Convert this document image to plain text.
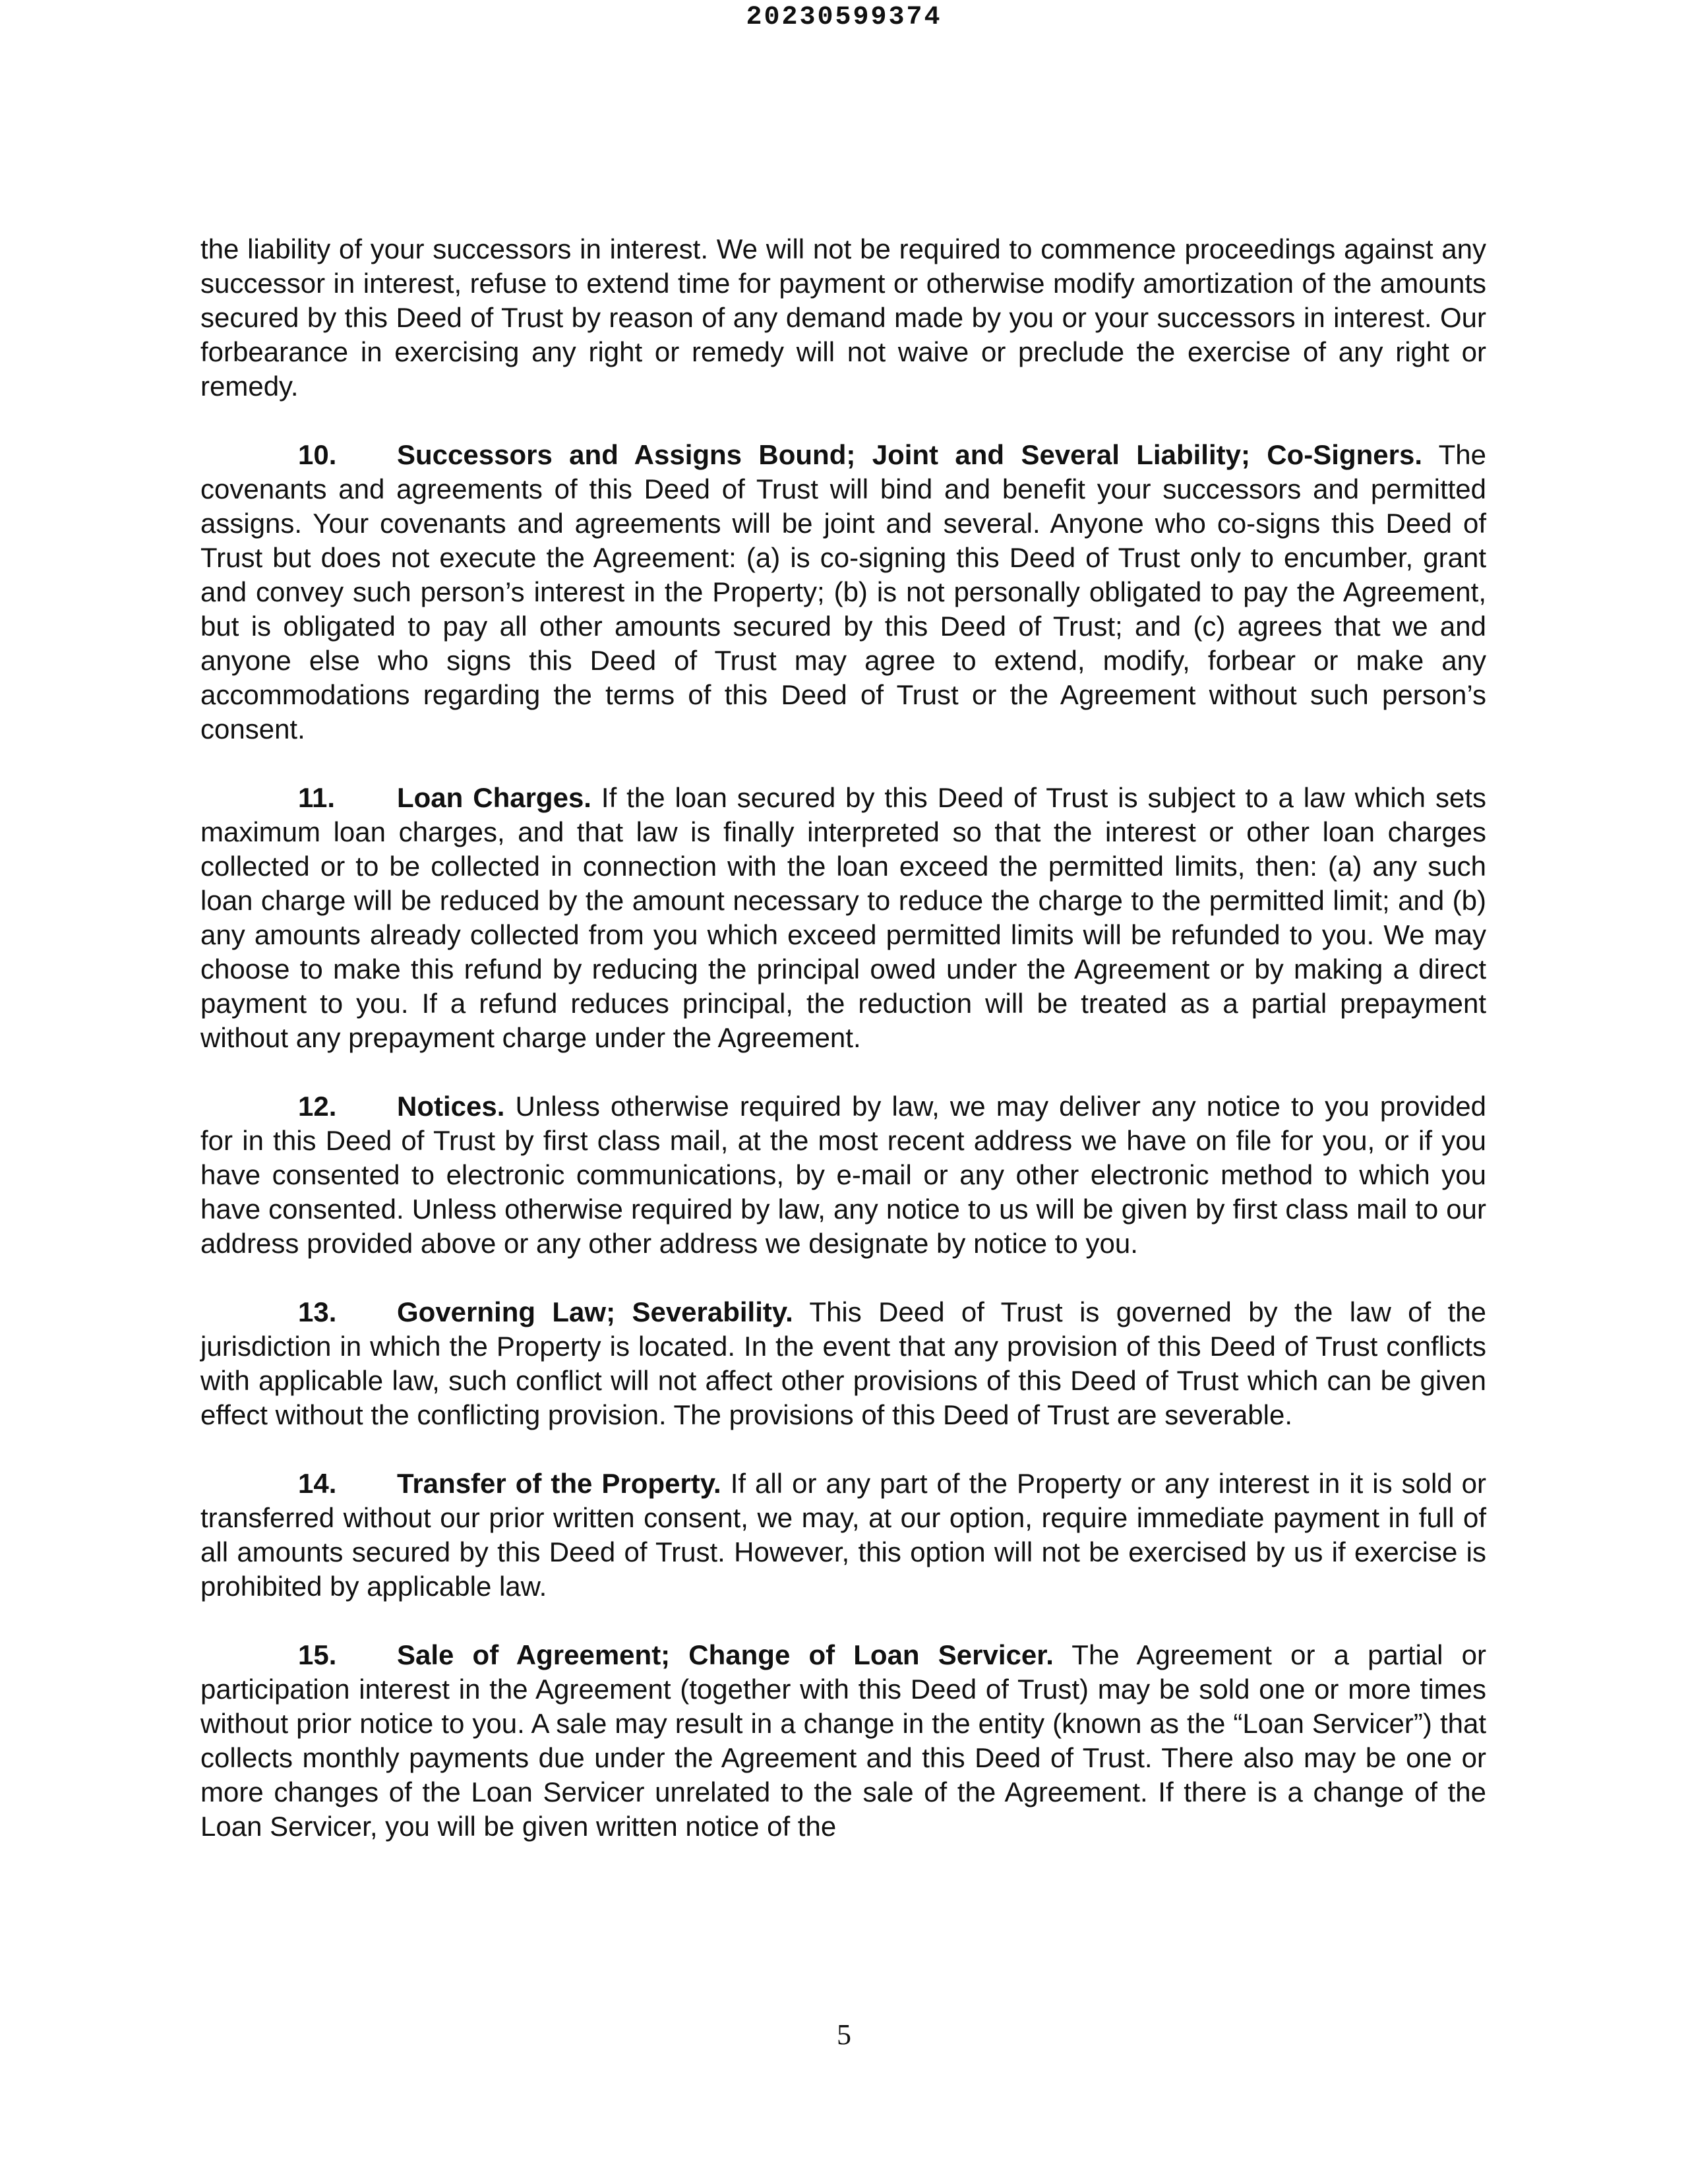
20230599374

the liability of your successors in interest. We will not be required to commence proceedings against any successor in interest, refuse to extend time for payment or otherwise modify amortization of the amounts secured by this Deed of Trust by reason of any demand made by you or your successors in interest. Our forbearance in exercising any right or remedy will not waive or preclude the exercise of any right or remedy.

10. Successors and Assigns Bound; Joint and Several Liability; Co-Signers. The covenants and agreements of this Deed of Trust will bind and benefit your successors and permitted assigns. Your covenants and agreements will be joint and several. Anyone who co-signs this Deed of Trust but does not execute the Agreement: (a) is co-signing this Deed of Trust only to encumber, grant and convey such person’s interest in the Property; (b) is not personally obligated to pay the Agreement, but is obligated to pay all other amounts secured by this Deed of Trust; and (c) agrees that we and anyone else who signs this Deed of Trust may agree to extend, modify, forbear or make any accommodations regarding the terms of this Deed of Trust or the Agreement without such person’s consent.

11. Loan Charges. If the loan secured by this Deed of Trust is subject to a law which sets maximum loan charges, and that law is finally interpreted so that the interest or other loan charges collected or to be collected in connection with the loan exceed the permitted limits, then: (a) any such loan charge will be reduced by the amount necessary to reduce the charge to the permitted limit; and (b) any amounts already collected from you which exceed permitted limits will be refunded to you. We may choose to make this refund by reducing the principal owed under the Agreement or by making a direct payment to you. If a refund reduces principal, the reduction will be treated as a partial prepayment without any prepayment charge under the Agreement.

12. Notices. Unless otherwise required by law, we may deliver any notice to you provided for in this Deed of Trust by first class mail, at the most recent address we have on file for you, or if you have consented to electronic communications, by e-mail or any other electronic method to which you have consented. Unless otherwise required by law, any notice to us will be given by first class mail to our address provided above or any other address we designate by notice to you.

13. Governing Law; Severability. This Deed of Trust is governed by the law of the jurisdiction in which the Property is located. In the event that any provision of this Deed of Trust conflicts with applicable law, such conflict will not affect other provisions of this Deed of Trust which can be given effect without the conflicting provision. The provisions of this Deed of Trust are severable.

14. Transfer of the Property. If all or any part of the Property or any interest in it is sold or transferred without our prior written consent, we may, at our option, require immediate payment in full of all amounts secured by this Deed of Trust. However, this option will not be exercised by us if exercise is prohibited by applicable law.

15. Sale of Agreement; Change of Loan Servicer. The Agreement or a partial or participation interest in the Agreement (together with this Deed of Trust) may be sold one or more times without prior notice to you. A sale may result in a change in the entity (known as the “Loan Servicer”) that collects monthly payments due under the Agreement and this Deed of Trust. There also may be one or more changes of the Loan Servicer unrelated to the sale of the Agreement. If there is a change of the Loan Servicer, you will be given written notice of the

5
